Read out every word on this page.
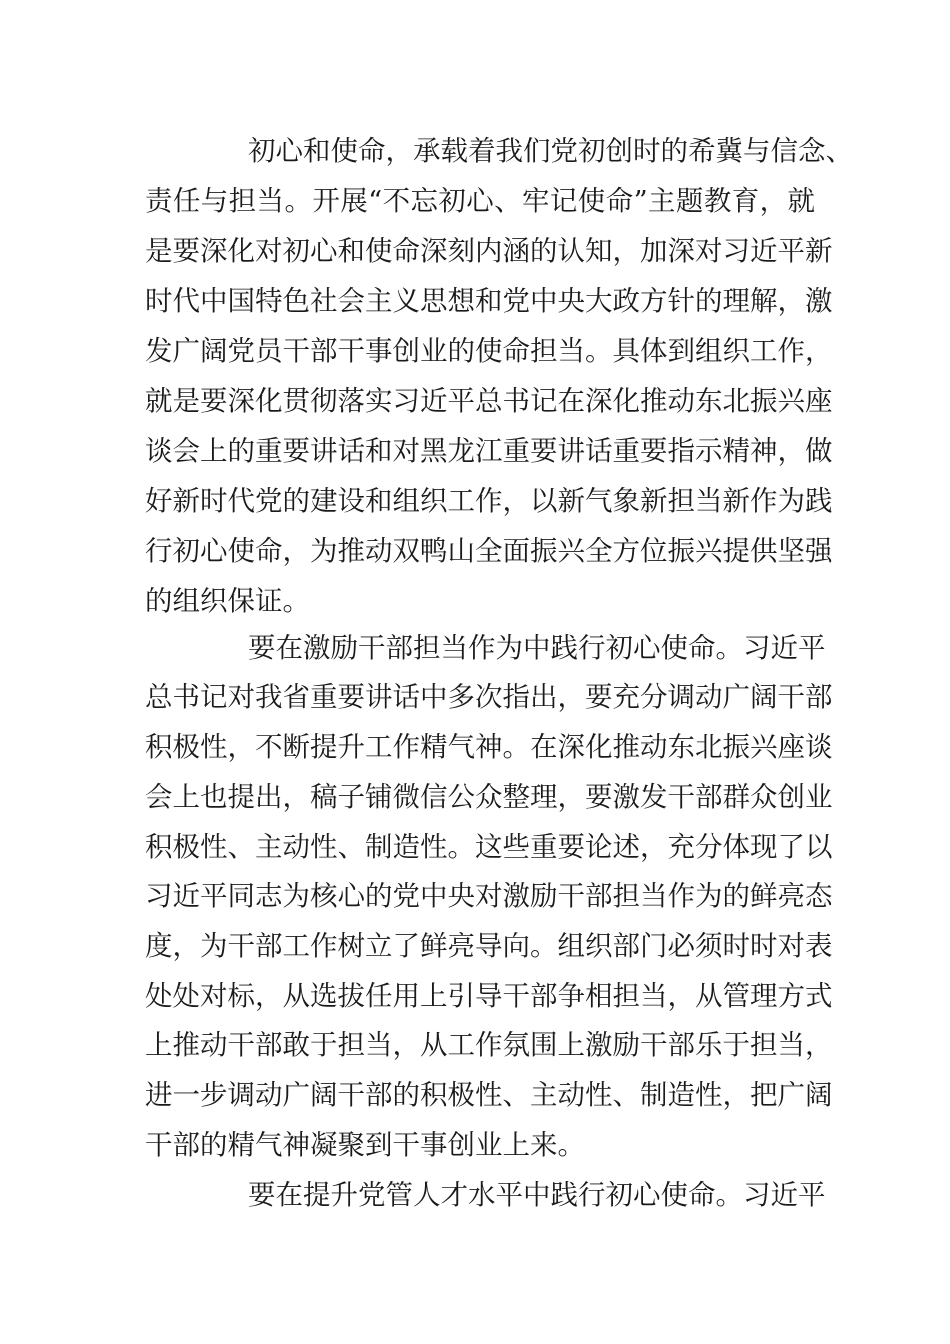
初心和使命，承载着我们党初创时的希冀与信念、
责任与担当。开展“不忘初心、牢记使命”主题教育，就
是要深化对初心和使命深刻内涵的认知，加深对习近平新
时代中国特色社会主义思想和党中央大政方针的理解，激
发广阔党员干部干事创业的使命担当。具体到组织工作，
就是要深化贯彻落实习近平总书记在深化推动东北振兴座
谈会上的重要讲话和对黑龙江重要讲话重要指示精神，做
好新时代党的建设和组织工作，以新气象新担当新作为践
行初心使命，为推动双鸭山全面振兴全方位振兴提供坚强
的组织保证。
要在激励干部担当作为中践行初心使命。习近平
总书记对我省重要讲话中多次指出，要充分调动广阔干部
积极性，不断提升工作精气神。在深化推动东北振兴座谈
会上也提出，稿子铺微信公众整理，要激发干部群众创业
积极性、主动性、制造性。这些重要论述，充分体现了以
习近平同志为核心的党中央对激励干部担当作为的鲜亮态
度，为干部工作树立了鲜亮导向。组织部门必须时时对表
处处对标，从选拔任用上引导干部争相担当，从管理方式
上推动干部敢于担当，从工作氛围上激励干部乐于担当，
进一步调动广阔干部的积极性、主动性、制造性，把广阔
干部的精气神凝聚到干事创业上来。
要在提升党管人才水平中践行初心使命。习近平
